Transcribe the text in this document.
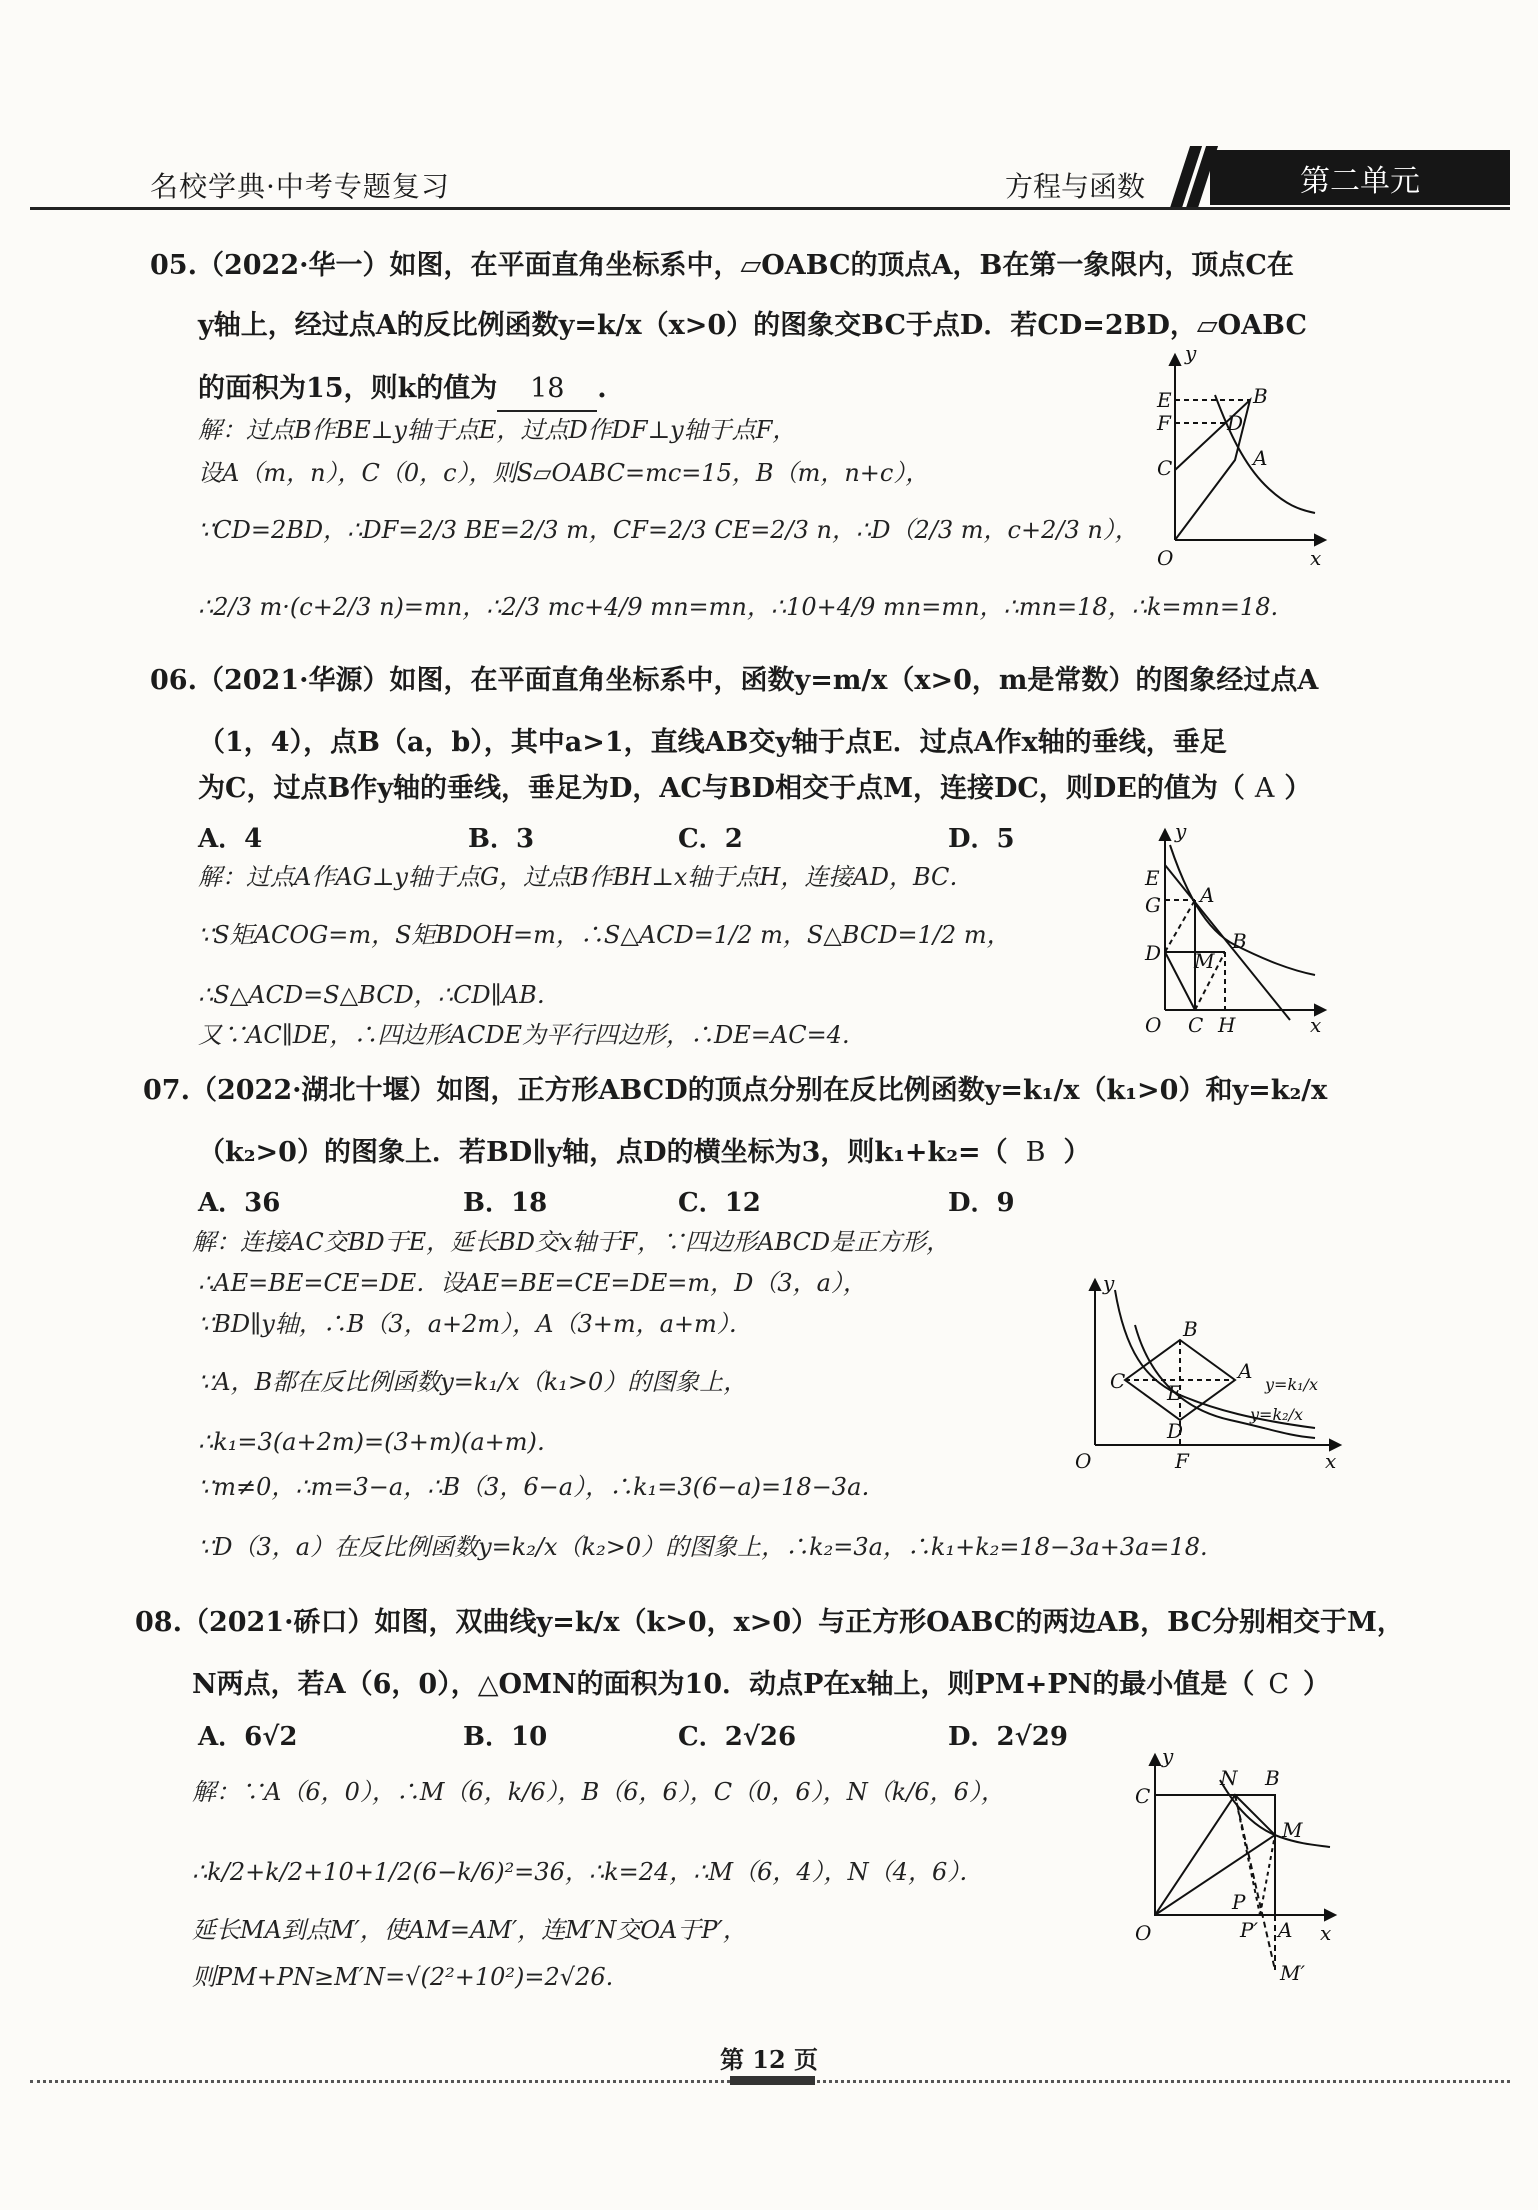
名校学典·中考专题复习	方程与函数	第二单元
05.（2022·华一）如图，在平面直角坐标系中，▱OABC的顶点A，B在第一象限内，顶点C在
y轴上，经过点A的反比例函数y=k/x（x>0）的图象交BC于点D．若CD=2BD，▱OABC
的面积为15，则k的值为 18 .
解：过点B作BE⊥y轴于点E，过点D作DF⊥y轴于点F，
设A（m，n），C（0，c），则S▱OABC=mc=15，B（m，n+c），
∵CD=2BD，∴DF=2/3 BE=2/3 m，CF=2/3 CE=2/3 n，∴D（2/3 m，c+2/3 n），
∴2/3 m·(c+2/3 n)=mn，∴2/3 mc+4/9 mn=mn，∴10+4/9 mn=mn，∴mn=18，∴k=mn=18.
E
F
C
O
y
x
B
D
A
06.（2021·华源）如图，在平面直角坐标系中，函数y=m/x（x>0，m是常数）的图象经过点A
（1，4），点B（a，b），其中a>1，直线AB交y轴于点E．过点A作x轴的垂线，垂足
为C，过点B作y轴的垂线，垂足为D，AC与BD相交于点M，连接DC，则DE的值为（ A ）
A．4	B．3	C．2	D．5
解：过点A作AG⊥y轴于点G，过点B作BH⊥x轴于点H，连接AD，BC．
∵S矩ACOG=m，S矩BDOH=m，∴S△ACD=1/2 m，S△BCD=1/2 m，
∴S△ACD=S△BCD，∴CD∥AB．
又∵AC∥DE，∴四边形ACDE为平行四边形，∴DE=AC=4.
E
G
D
O C H
y
x
A
B
M
07.（2022·湖北十堰）如图，正方形ABCD的顶点分别在反比例函数y=k₁/x（k₁>0）和y=k₂/x
（k₂>0）的图象上．若BD∥y轴，点D的横坐标为3，则k₁+k₂=（ B ）
A．36	B．18	C．12	D．9
解：连接AC交BD于E，延长BD交x轴于F，∵四边形ABCD是正方形，
∴AE=BE=CE=DE．设AE=BE=CE=DE=m，D（3，a），
∵BD∥y轴，∴B（3，a+2m），A（3+m，a+m）．
∵A，B都在反比例函数y=k₁/x（k₁>0）的图象上，
∴k₁=3(a+2m)=(3+m)(a+m)．
∵m≠0，∴m=3−a，∴B（3，6−a），∴k₁=3(6−a)=18−3a．
∵D（3，a）在反比例函数y=k₂/x（k₂>0）的图象上，∴k₂=3a，∴k₁+k₂=18−3a+3a=18.
O	F
y
x
B
C	A
D
E	y=k₁/x
y=k₂/x
08.（2021·硚口）如图，双曲线y=k/x（k>0，x>0）与正方形OABC的两边AB，BC分别相交于M，
N两点，若A（6，0），△OMN的面积为10．动点P在x轴上，则PM+PN的最小值是（ C ）
A．6√2	B．10	C．2√26	D．2√29
解：∵A（6，0），∴M（6，k/6），B（6，6），C（0，6），N（k/6，6），
∴k/2+k/2+10+1/2(6−k/6)²=36，∴k=24，∴M（6，4），N（4，6）．
延长MA到点M′，使AM=AM′，连M′N交OA于P′，
则PM+PN≥M′N=√(2²+10²)=2√26.
y
x
O
C
N B
M
P
P′ A
M′
第 12 页
